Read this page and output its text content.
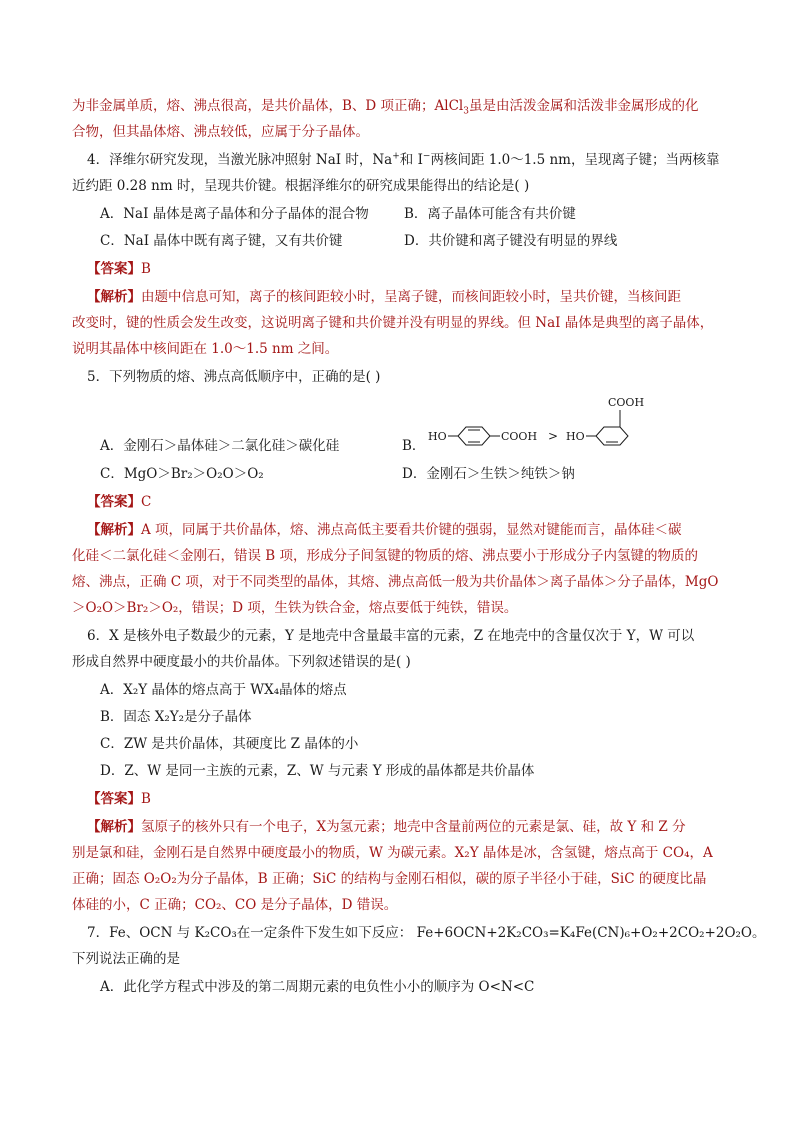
为非金属单质，熔、沸点很高，是共价晶体，B、D 项正确；AlCl$_3$虽是由活泼金属和活泼非金属形成的化
合物，但其晶体熔、沸点较低，应属于分子晶体。
4．泽维尔研究发现，当激光脉冲照射 NaI 时，Na+和 I−两核间距 1.0～1.5 nm，呈现离子键；当两核靠
近约距 0.28 nm 时，呈现共价键。根据泽维尔的研究成果能得出的结论是( )
A．NaI 晶体是离子晶体和分子晶体的混合物	B．离子晶体可能含有共价键
C．NaI 晶体中既有离子键，又有共价键	D．共价键和离子键没有明显的界线
【答案】B
【解析】由题中信息可知，离子的核间距较小时，呈离子键，而核间距较小时，呈共价键，当核间距
改变时，键的性质会发生改变，这说明离子键和共价键并没有明显的界线。但 NaI 晶体是典型的离子晶体，
说明其晶体中核间距在 1.0～1.5 nm 之间。
5．下列物质的熔、沸点高低顺序中，正确的是( )
A．金刚石＞晶体硅＞二氯化硅＞碳化硅	B．
HO	COOH > HO
COOH
C．MgO＞Br₂＞O₂O＞O₂	D．金刚石＞生铁＞纯铁＞钠
【答案】C
【解析】A 项，同属于共价晶体，熔、沸点高低主要看共价键的强弱，显然对键能而言，晶体硅＜碳
化硅＜二氯化硅＜金刚石，错误 B 项，形成分子间氢键的物质的熔、沸点要小于形成分子内氢键的物质的
熔、沸点，正确 C 项，对于不同类型的晶体，其熔、沸点高低一般为共价晶体＞离子晶体＞分子晶体，MgO
＞O₂O＞Br₂＞O₂，错误；D 项，生铁为铁合金，熔点要低于纯铁，错误。
6．X 是核外电子数最少的元素，Y 是地壳中含量最丰富的元素，Z 在地壳中的含量仅次于 Y，W 可以
形成自然界中硬度最小的共价晶体。下列叙述错误的是( )
A．X₂Y 晶体的熔点高于 WX₄晶体的熔点
B．固态 X₂Y₂是分子晶体
C．ZW 是共价晶体，其硬度比 Z 晶体的小
D．Z、W 是同一主族的元素，Z、W 与元素 Y 形成的晶体都是共价晶体
【答案】B
【解析】氢原子的核外只有一个电子，X为氢元素；地壳中含量前两位的元素是氯、硅，故 Y 和 Z 分
别是氯和硅，金刚石是自然界中硬度最小的物质，W 为碳元素。X₂Y 晶体是冰，含氢键，熔点高于 CO₄，A
正确；固态 O₂O₂为分子晶体，B 正确；SiC 的结构与金刚石相似，碳的原子半径小于硅，SiC 的硬度比晶
体硅的小，C 正确；CO₂、CO 是分子晶体，D 错误。
7．Fe、OCN 与 K₂CO₃在一定条件下发生如下反应： Fe+6OCN+2K₂CO₃=K₄Fe(CN)₆+O₂+2CO₂+2O₂O。
下列说法正确的是
A．此化学方程式中涉及的第二周期元素的电负性小小的顺序为 O<N<C
